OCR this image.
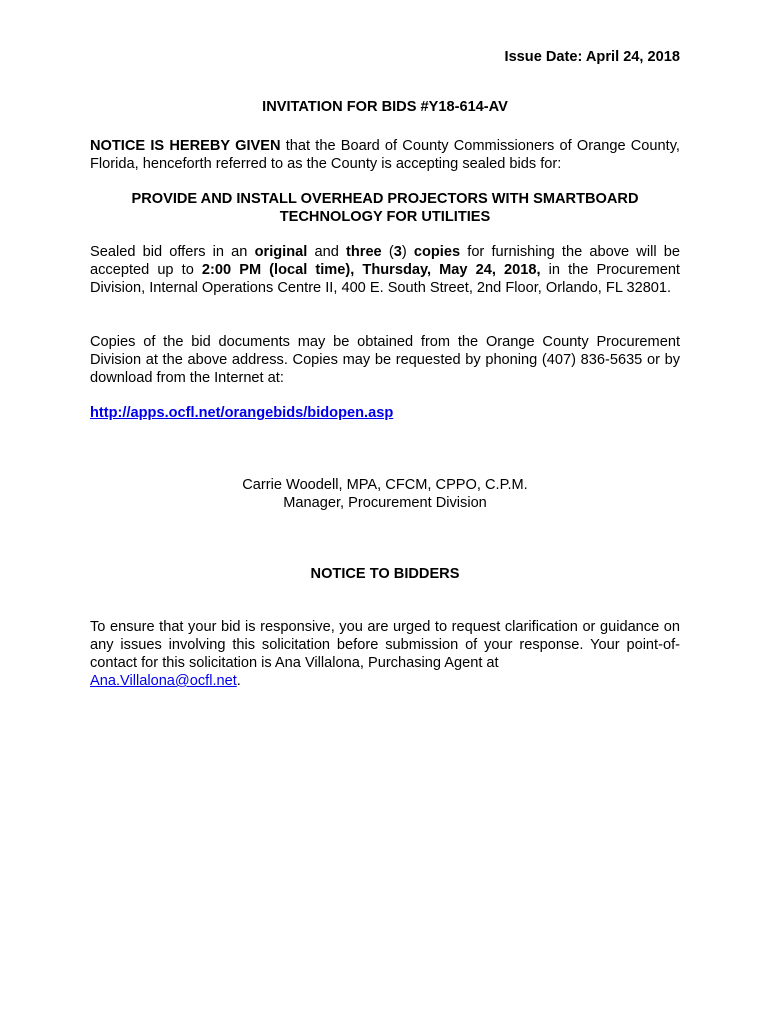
Issue Date: April 24, 2018

INVITATION FOR BIDS #Y18-614-AV

NOTICE IS HEREBY GIVEN that the Board of County Commissioners of Orange County, Florida, henceforth referred to as the County is accepting sealed bids for:

PROVIDE AND INSTALL OVERHEAD PROJECTORS WITH SMARTBOARD
TECHNOLOGY FOR UTILITIES

Sealed bid offers in an original and three (3) copies for furnishing the above will be accepted up to 2:00 PM (local time), Thursday, May 24, 2018, in the Procurement Division, Internal Operations Centre II, 400 E. South Street, 2nd Floor, Orlando, FL 32801.

Copies of the bid documents may be obtained from the Orange County Procurement Division at the above address. Copies may be requested by phoning (407) 836-5635 or by download from the Internet at:

http://apps.ocfl.net/orangebids/bidopen.asp

Carrie Woodell, MPA, CFCM, CPPO, C.P.M.
Manager, Procurement Division

NOTICE TO BIDDERS

To ensure that your bid is responsive, you are urged to request clarification or guidance on any issues involving this solicitation before submission of your response. Your point-of-contact for this solicitation is Ana Villalona, Purchasing Agent at
Ana.Villalona@ocfl.net.
